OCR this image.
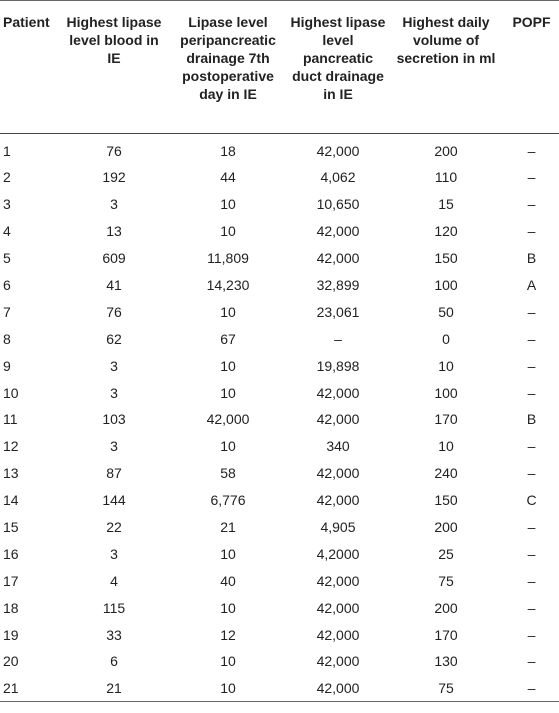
Patient	Highest lipase level blood in IE	Lipase level peripancreatic drainage 7th postoperative day in IE	Highest lipase level pancreatic duct drainage in IE	Highest daily volume of secretion in ml	POPF
1	76	18	42,000	200	–
2	192	44	4,062	110	–
3	3	10	10,650	15	–
4	13	10	42,000	120	–
5	609	11,809	42,000	150	B
6	41	14,230	32,899	100	A
7	76	10	23,061	50	–
8	62	67	–	0	–
9	3	10	19,898	10	–
10	3	10	42,000	100	–
11	103	42,000	42,000	170	B
12	3	10	340	10	–
13	87	58	42,000	240	–
14	144	6,776	42,000	150	C
15	22	21	4,905	200	–
16	3	10	4,2000	25	–
17	4	40	42,000	75	–
18	115	10	42,000	200	–
19	33	12	42,000	170	–
20	6	10	42,000	130	–
21	21	10	42,000	75	–
